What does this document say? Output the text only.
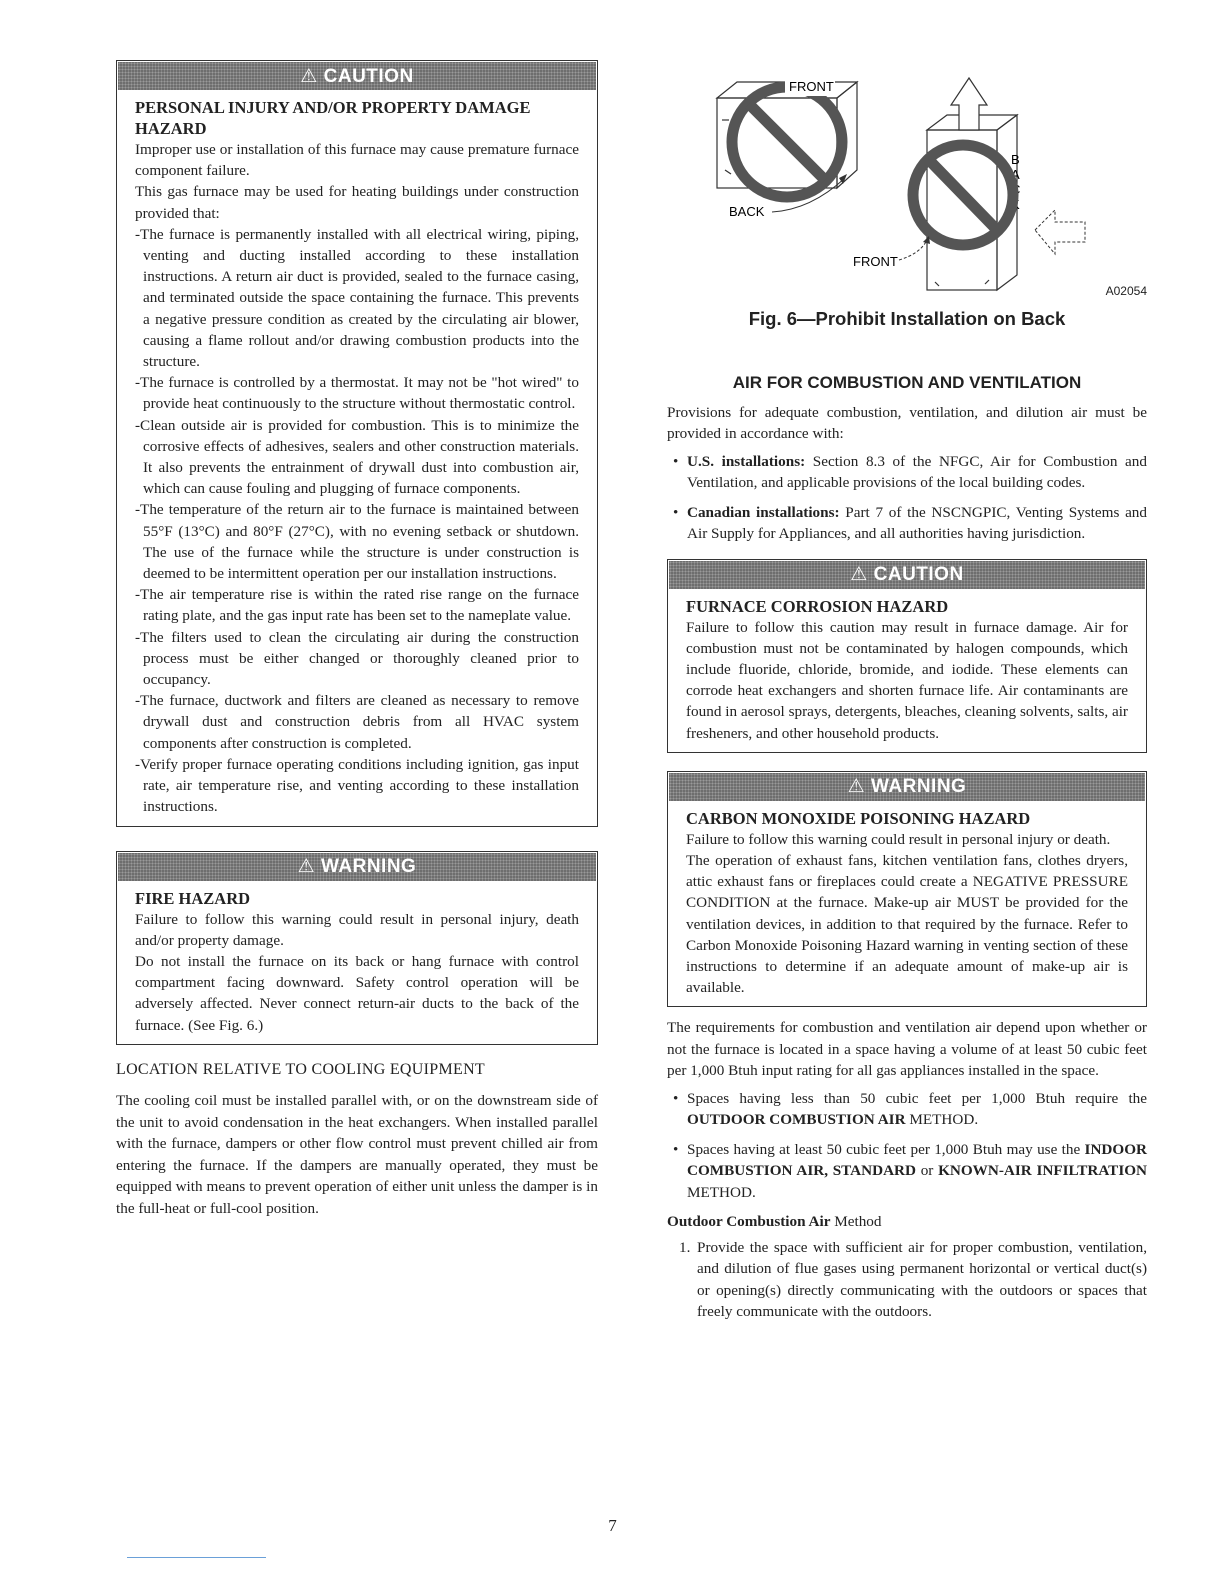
⚠ CAUTION
PERSONAL INJURY AND/OR PROPERTY DAMAGE HAZARD

Improper use or installation of this furnace may cause premature furnace component failure.

This gas furnace may be used for heating buildings under construction provided that:

-The furnace is permanently installed with all electrical wiring, piping, venting and ducting installed according to these installation instructions. A return air duct is provided, sealed to the furnace casing, and terminated outside the space containing the furnace. This prevents a negative pressure condition as created by the circulating air blower, causing a flame rollout and/or drawing combustion products into the structure.

-The furnace is controlled by a thermostat. It may not be "hot wired" to provide heat continuously to the structure without thermostatic control.

-Clean outside air is provided for combustion. This is to minimize the corrosive effects of adhesives, sealers and other construction materials. It also prevents the entrainment of drywall dust into combustion air, which can cause fouling and plugging of furnace components.

-The temperature of the return air to the furnace is maintained between 55°F (13°C) and 80°F (27°C), with no evening setback or shutdown. The use of the furnace while the structure is under construction is deemed to be intermittent operation per our installation instructions.

-The air temperature rise is within the rated rise range on the furnace rating plate, and the gas input rate has been set to the nameplate value.

-The filters used to clean the circulating air during the construction process must be either changed or thoroughly cleaned prior to occupancy.

-The furnace, ductwork and filters are cleaned as necessary to remove drywall dust and construction debris from all HVAC system components after construction is completed.

-Verify proper furnace operating conditions including ignition, gas input rate, air temperature rise, and venting according to these installation instructions.

⚠ WARNING
FIRE HAZARD

Failure to follow this warning could result in personal injury, death and/or property damage.

Do not install the furnace on its back or hang furnace with control compartment facing downward. Safety control operation will be adversely affected. Never connect return-air ducts to the back of the furnace. (See Fig. 6.)

LOCATION RELATIVE TO COOLING EQUIPMENT

The cooling coil must be installed parallel with, or on the downstream side of the unit to avoid condensation in the heat exchangers. When installed parallel with the furnace, dampers or other flow control must prevent chilled air from entering the furnace. If the dampers are manually operated, they must be equipped with means to prevent operation of either unit unless the damper is in the full-heat or full-cool position.

FRONT
BACK
B
A
C
K
FRONT
A02054
Fig. 6—Prohibit Installation on Back
AIR FOR COMBUSTION AND VENTILATION

Provisions for adequate combustion, ventilation, and dilution air must be provided in accordance with:

• U.S. installations: Section 8.3 of the NFGC, Air for Combustion and Ventilation, and applicable provisions of the local building codes.
• Canadian installations: Part 7 of the NSCNGPIC, Venting Systems and Air Supply for Appliances, and all authorities having jurisdiction.
⚠ CAUTION
FURNACE CORROSION HAZARD

Failure to follow this caution may result in furnace damage. Air for combustion must not be contaminated by halogen compounds, which include fluoride, chloride, bromide, and iodide. These elements can corrode heat exchangers and shorten furnace life. Air contaminants are found in aerosol sprays, detergents, bleaches, cleaning solvents, salts, air fresheners, and other household products.

⚠ WARNING
CARBON MONOXIDE POISONING HAZARD

Failure to follow this warning could result in personal injury or death.

The operation of exhaust fans, kitchen ventilation fans, clothes dryers, attic exhaust fans or fireplaces could create a NEGATIVE PRESSURE CONDITION at the furnace. Make-up air MUST be provided for the ventilation devices, in addition to that required by the furnace. Refer to Carbon Monoxide Poisoning Hazard warning in venting section of these instructions to determine if an adequate amount of make-up air is available.

The requirements for combustion and ventilation air depend upon whether or not the furnace is located in a space having a volume of at least 50 cubic feet per 1,000 Btuh input rating for all gas appliances installed in the space.

• Spaces having less than 50 cubic feet per 1,000 Btuh require the OUTDOOR COMBUSTION AIR METHOD.
• Spaces having at least 50 cubic feet per 1,000 Btuh may use the INDOOR COMBUSTION AIR, STANDARD or KNOWN-AIR INFILTRATION METHOD.

Outdoor Combustion Air Method

1. Provide the space with sufficient air for proper combustion, ventilation, and dilution of flue gases using permanent horizontal or vertical duct(s) or opening(s) directly communicating with the outdoors or spaces that freely communicate with the outdoors.
7
